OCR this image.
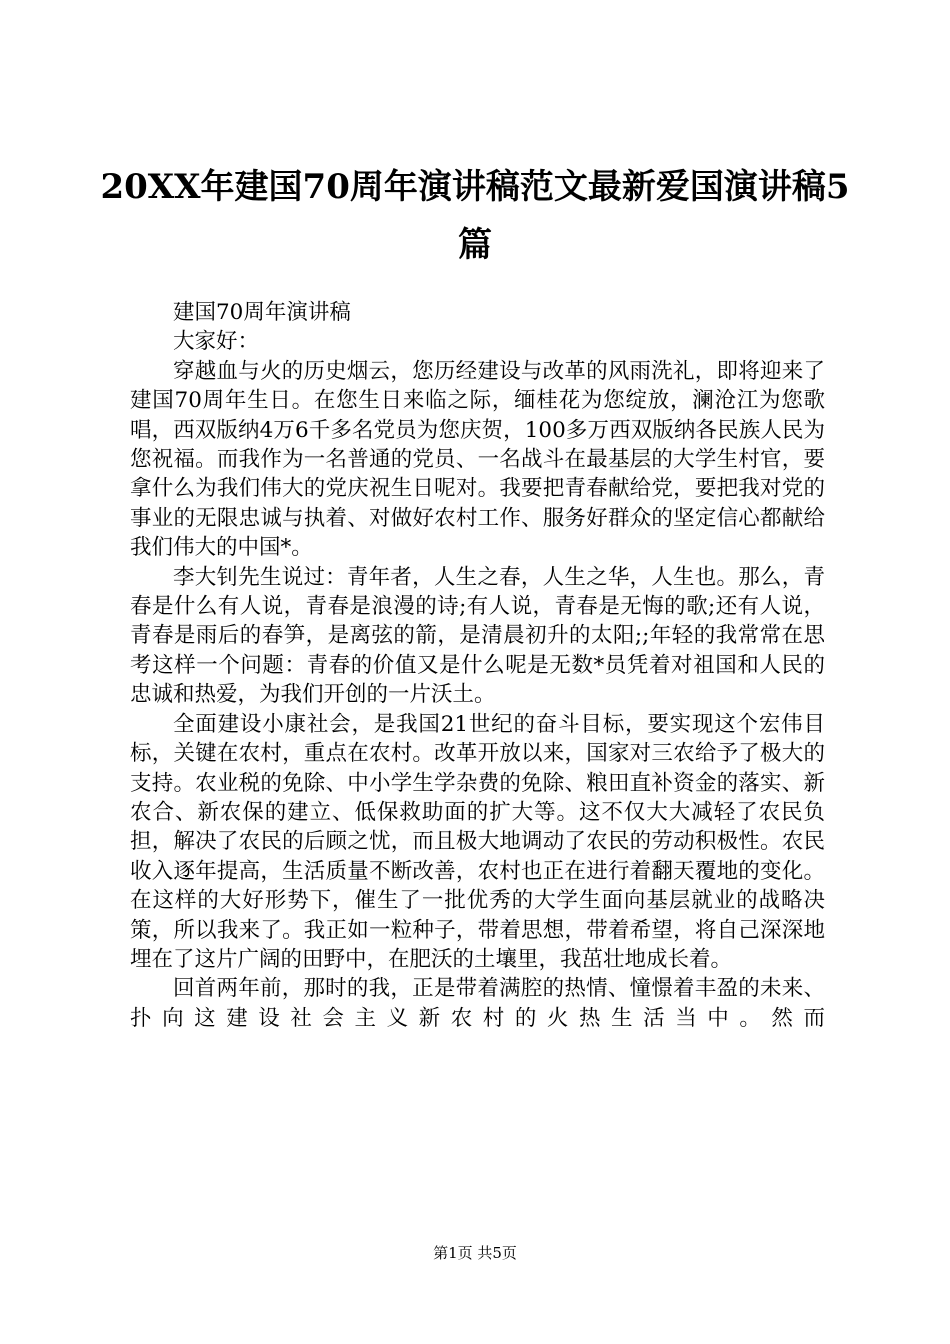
20XX年建国70周年演讲稿范文最新爱国演讲稿5篇

建国70周年演讲稿

大家好：

穿越血与火的历史烟云，您历经建设与改革的风雨洗礼，即将迎来了建国70周年生日。在您生日来临之际，缅桂花为您绽放，澜沧江为您歌唱，西双版纳4万6千多名党员为您庆贺，100多万西双版纳各民族人民为您祝福。而我作为一名普通的党员、一名战斗在最基层的大学生村官，要拿什么为我们伟大的党庆祝生日呢对。我要把青春献给党，要把我对党的事业的无限忠诚与执着、对做好农村工作、服务好群众的坚定信心都献给我们伟大的中国*。

李大钊先生说过：青年者，人生之春，人生之华，人生也。那么，青春是什么有人说，青春是浪漫的诗;有人说，青春是无悔的歌;还有人说，青春是雨后的春笋，是离弦的箭，是清晨初升的太阳;;年轻的我常常在思考这样一个问题：青春的价值又是什么呢是无数*员凭着对祖国和人民的忠诚和热爱，为我们开创的一片沃土。

全面建设小康社会，是我国21世纪的奋斗目标，要实现这个宏伟目标，关键在农村，重点在农村。改革开放以来，国家对三农给予了极大的支持。农业税的免除、中小学生学杂费的免除、粮田直补资金的落实、新农合、新农保的建立、低保救助面的扩大等。这不仅大大减轻了农民负担，解决了农民的后顾之忧，而且极大地调动了农民的劳动积极性。农民收入逐年提高，生活质量不断改善，农村也正在进行着翻天覆地的变化。在这样的大好形势下，催生了一批优秀的大学生面向基层就业的战略决策，所以我来了。我正如一粒种子，带着思想，带着希望，将自己深深地埋在了这片广阔的田野中，在肥沃的土壤里，我茁壮地成长着。

回首两年前，那时的我，正是带着满腔的热情、憧憬着丰盈的未来、扑向这建设社会主义新农村的火热生活当中。然而

第1页 共5页
